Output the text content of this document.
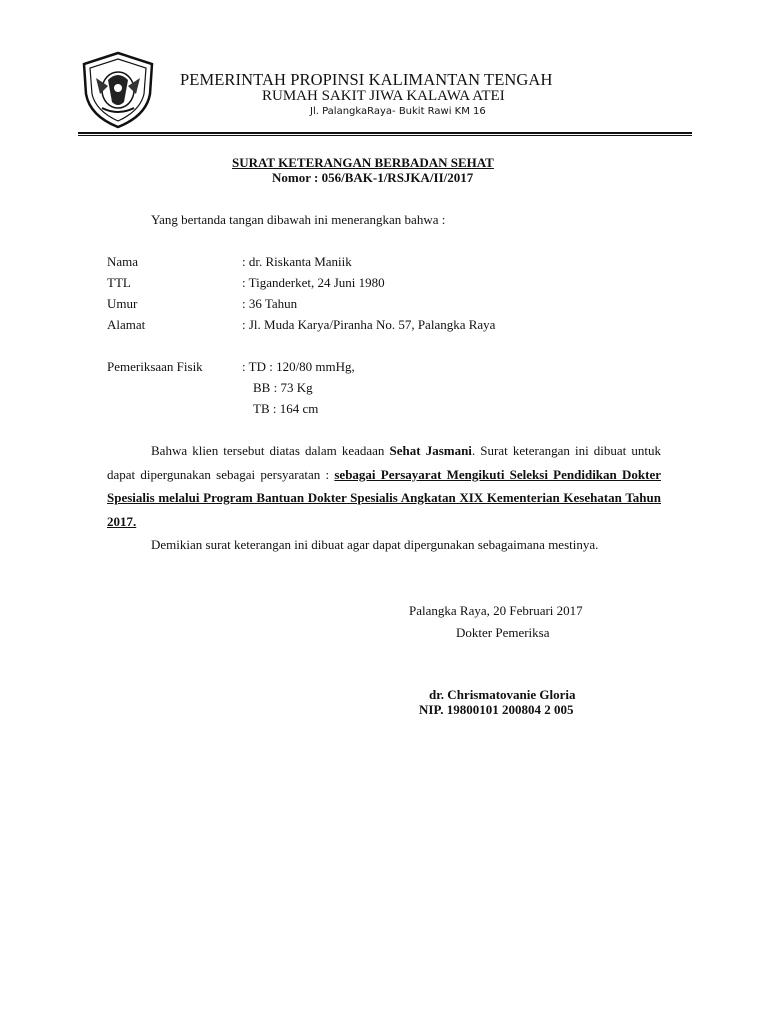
PEMERINTAH PROPINSI KALIMANTAN TENGAH
RUMAH SAKIT JIWA KALAWA ATEI
Jl. PalangkaRaya- Bukit Rawi KM 16
SURAT KETERANGAN BERBADAN SEHAT
Nomor : 056/BAK-1/RSJKA/II/2017
Yang bertanda tangan dibawah ini menerangkan bahwa :
Nama	: dr. Riskanta Maniik
TTL	: Tiganderket, 24 Juni 1980
Umur	: 36 Tahun
Alamat	: Jl. Muda Karya/Piranha No. 57, Palangka Raya
Pemeriksaan Fisik	: TD : 120/80 mmHg,
BB : 73 Kg
TB : 164 cm

Bahwa klien tersebut diatas dalam keadaan Sehat Jasmani. Surat keterangan ini dibuat untuk dapat dipergunakan sebagai persyaratan : sebagai Persayarat Mengikuti Seleksi Pendidikan Dokter Spesialis melalui Program Bantuan Dokter Spesialis Angkatan XIX Kementerian Kesehatan Tahun 2017.

Demikian surat keterangan ini dibuat agar dapat dipergunakan sebagaimana mestinya.

Palangka Raya, 20 Februari 2017
Dokter Pemeriksa
dr. Chrismatovanie Gloria
NIP. 19800101 200804 2 005
